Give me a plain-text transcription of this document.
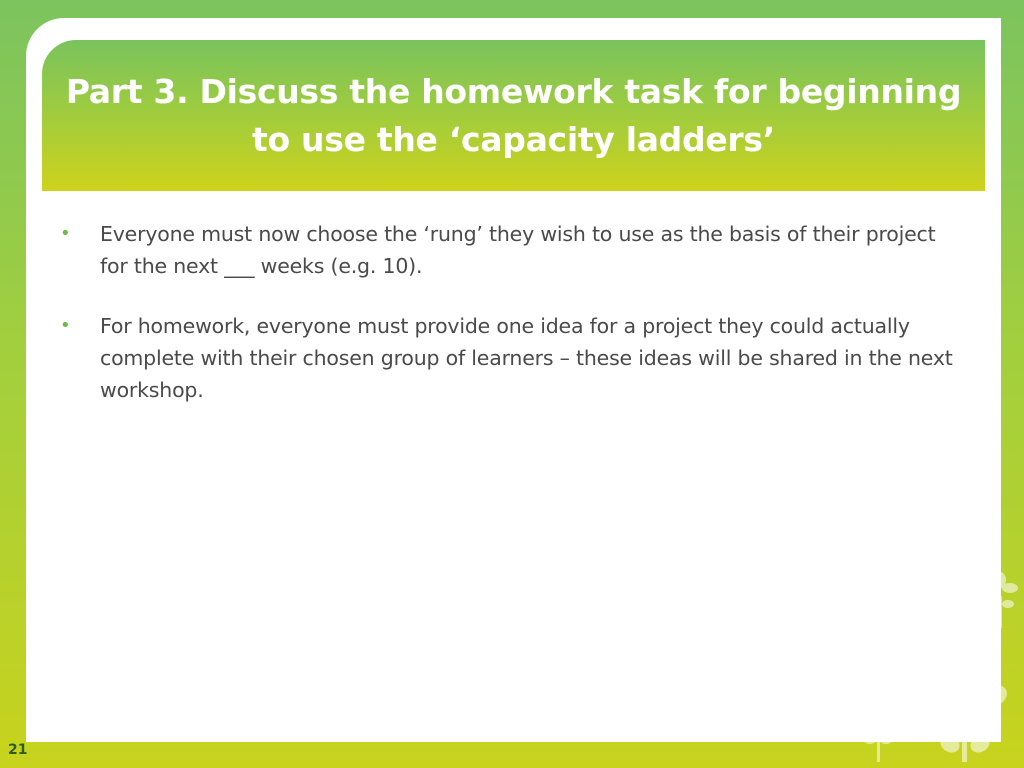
Part 3. Discuss the homework task for beginning to use the ‘capacity ladders’
• Everyone must now choose the ‘rung’ they wish to use as the basis of their project for the next ___ weeks (e.g. 10).
• For homework, everyone must provide one idea for a project they could actually complete with their chosen group of learners – these ideas will be shared in the next workshop.
21
